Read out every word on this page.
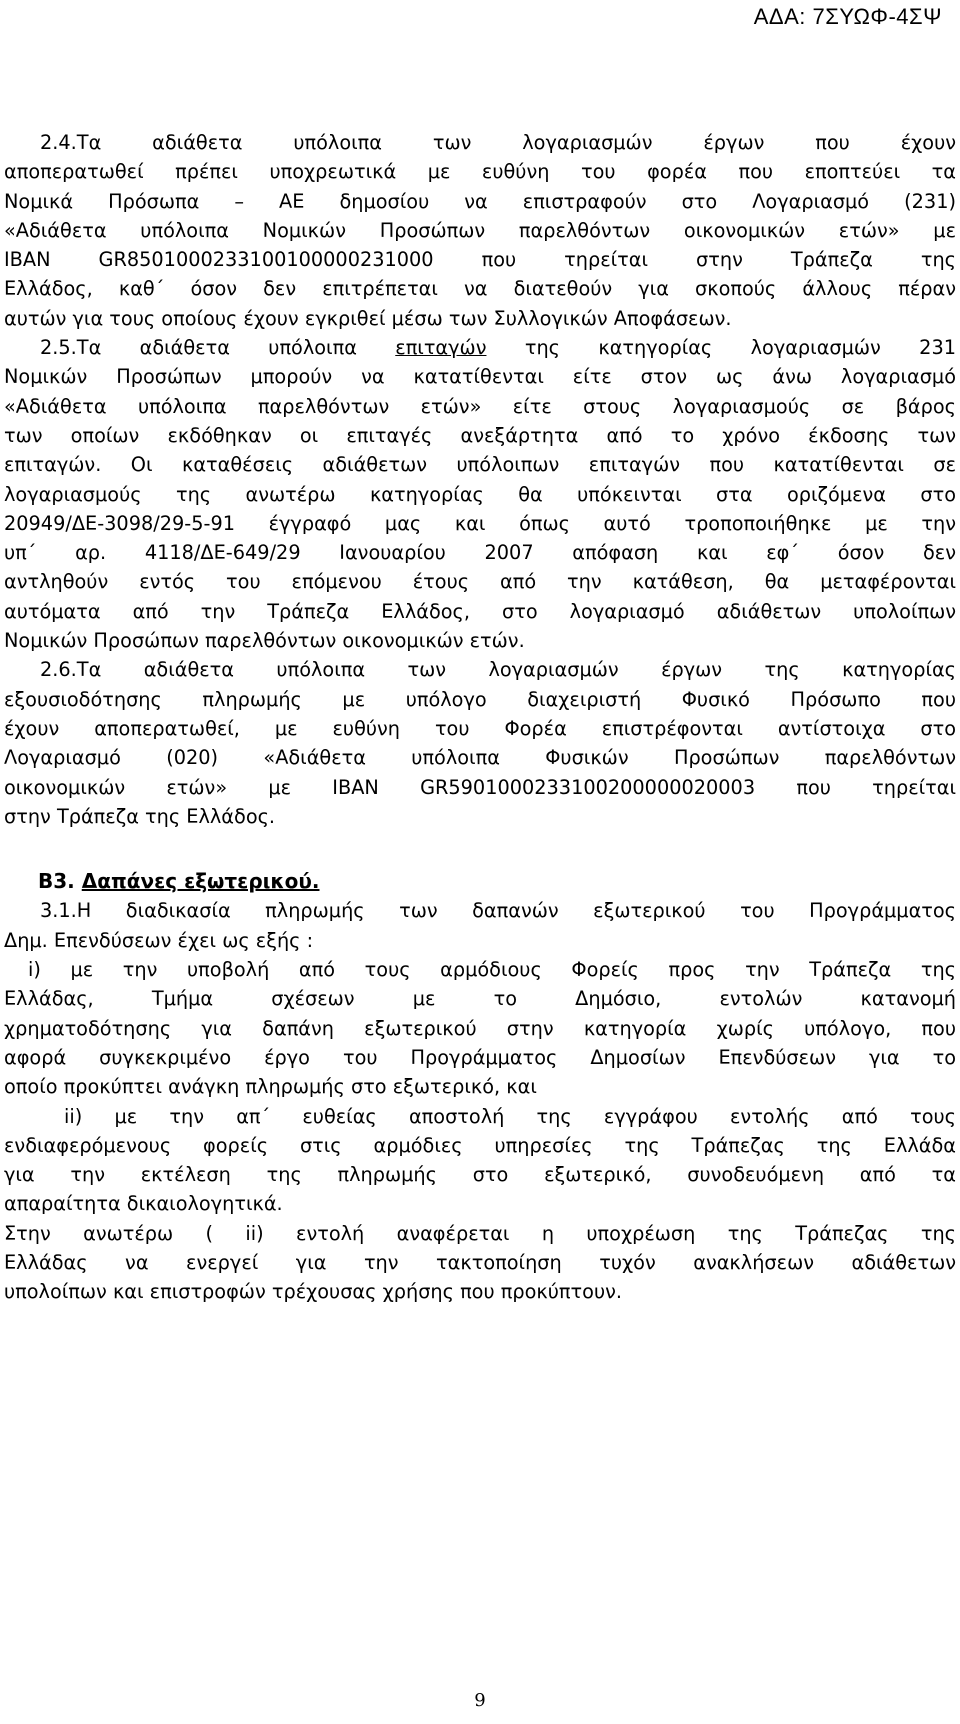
ΑΔΑ: 7ΣΥΩΦ-4ΣΨ
2.4.Τα αδιάθετα υπόλοιπα των λογαριασμών έργων που έχουν
αποπερατωθεί πρέπει υποχρεωτικά με ευθύνη του φορέα που εποπτεύει τα
Νομικά Πρόσωπα – ΑΕ δημοσίου να επιστραφούν στο Λογαριασμό (231)
«Αδιάθετα υπόλοιπα Νομικών Προσώπων παρελθόντων οικονομικών ετών» με
IBAN GR8501000233100100000231000 που τηρείται στην Τράπεζα της
Ελλάδος, καθ΄ όσον δεν επιτρέπεται να διατεθούν για σκοπούς άλλους πέραν
αυτών για τους οποίους έχουν εγκριθεί μέσω των Συλλογικών Αποφάσεων.
2.5.Τα αδιάθετα υπόλοιπα επιταγών της κατηγορίας λογαριασμών 231
Νομικών Προσώπων μπορούν να κατατίθενται είτε στον ως άνω λογαριασμό
«Αδιάθετα υπόλοιπα παρελθόντων ετών» είτε στους λογαριασμούς σε βάρος
των οποίων εκδόθηκαν οι επιταγές ανεξάρτητα από το χρόνο έκδοσης των
επιταγών. Οι καταθέσεις αδιάθετων υπόλοιπων επιταγών που κατατίθενται σε
λογαριασμούς της ανωτέρω κατηγορίας θα υπόκεινται στα οριζόμενα στο
20949/ΔΕ-3098/29-5-91 έγγραφό μας και όπως αυτό τροποποιήθηκε με την
υπ΄ αρ. 4118/ΔΕ-649/29 Ιανουαρίου 2007 απόφαση και εφ΄ όσον δεν
αντληθούν εντός του επόμενου έτους από την κατάθεση, θα μεταφέρονται
αυτόματα από την Τράπεζα Ελλάδος, στο λογαριασμό αδιάθετων υπολοίπων
Νομικών Προσώπων παρελθόντων οικονομικών ετών.
2.6.Τα αδιάθετα υπόλοιπα των λογαριασμών έργων της κατηγορίας
εξουσιοδότησης πληρωμής με υπόλογο διαχειριστή Φυσικό Πρόσωπο που
έχουν αποπερατωθεί, με ευθύνη του Φορέα επιστρέφονται αντίστοιχα στο
Λογαριασμό (020) «Αδιάθετα υπόλοιπα Φυσικών Προσώπων παρελθόντων
οικονομικών ετών» με IBAN GR5901000233100200000020003 που τηρείται
στην Τράπεζα της Ελλάδος.
Β3. Δαπάνες εξωτερικού.
3.1.Η διαδικασία πληρωμής των δαπανών εξωτερικού του Προγράμματος
Δημ. Επενδύσεων έχει ως εξής :
i) με την υποβολή από τους αρμόδιους Φορείς προς την Τράπεζα της
Ελλάδας, Τμήμα σχέσεων με το Δημόσιο, εντολών κατανομή
χρηματοδότησης για δαπάνη εξωτερικού στην κατηγορία χωρίς υπόλογο, που
αφορά συγκεκριμένο έργο του Προγράμματος Δημοσίων Επενδύσεων για το
οποίο προκύπτει ανάγκη πληρωμής στο εξωτερικό, και
ii) με την απ΄ ευθείας αποστολή της εγγράφου εντολής από τους
ενδιαφερόμενους φορείς στις αρμόδιες υπηρεσίες της Τράπεζας της Ελλάδα
για την εκτέλεση της πληρωμής στο εξωτερικό, συνοδευόμενη από τα
απαραίτητα δικαιολογητικά.
Στην ανωτέρω ( ii) εντολή αναφέρεται η υποχρέωση της Τράπεζας της
Ελλάδας να ενεργεί για την τακτοποίηση τυχόν ανακλήσεων αδιάθετων
υπολοίπων και επιστροφών τρέχουσας χρήσης που προκύπτουν.
9
